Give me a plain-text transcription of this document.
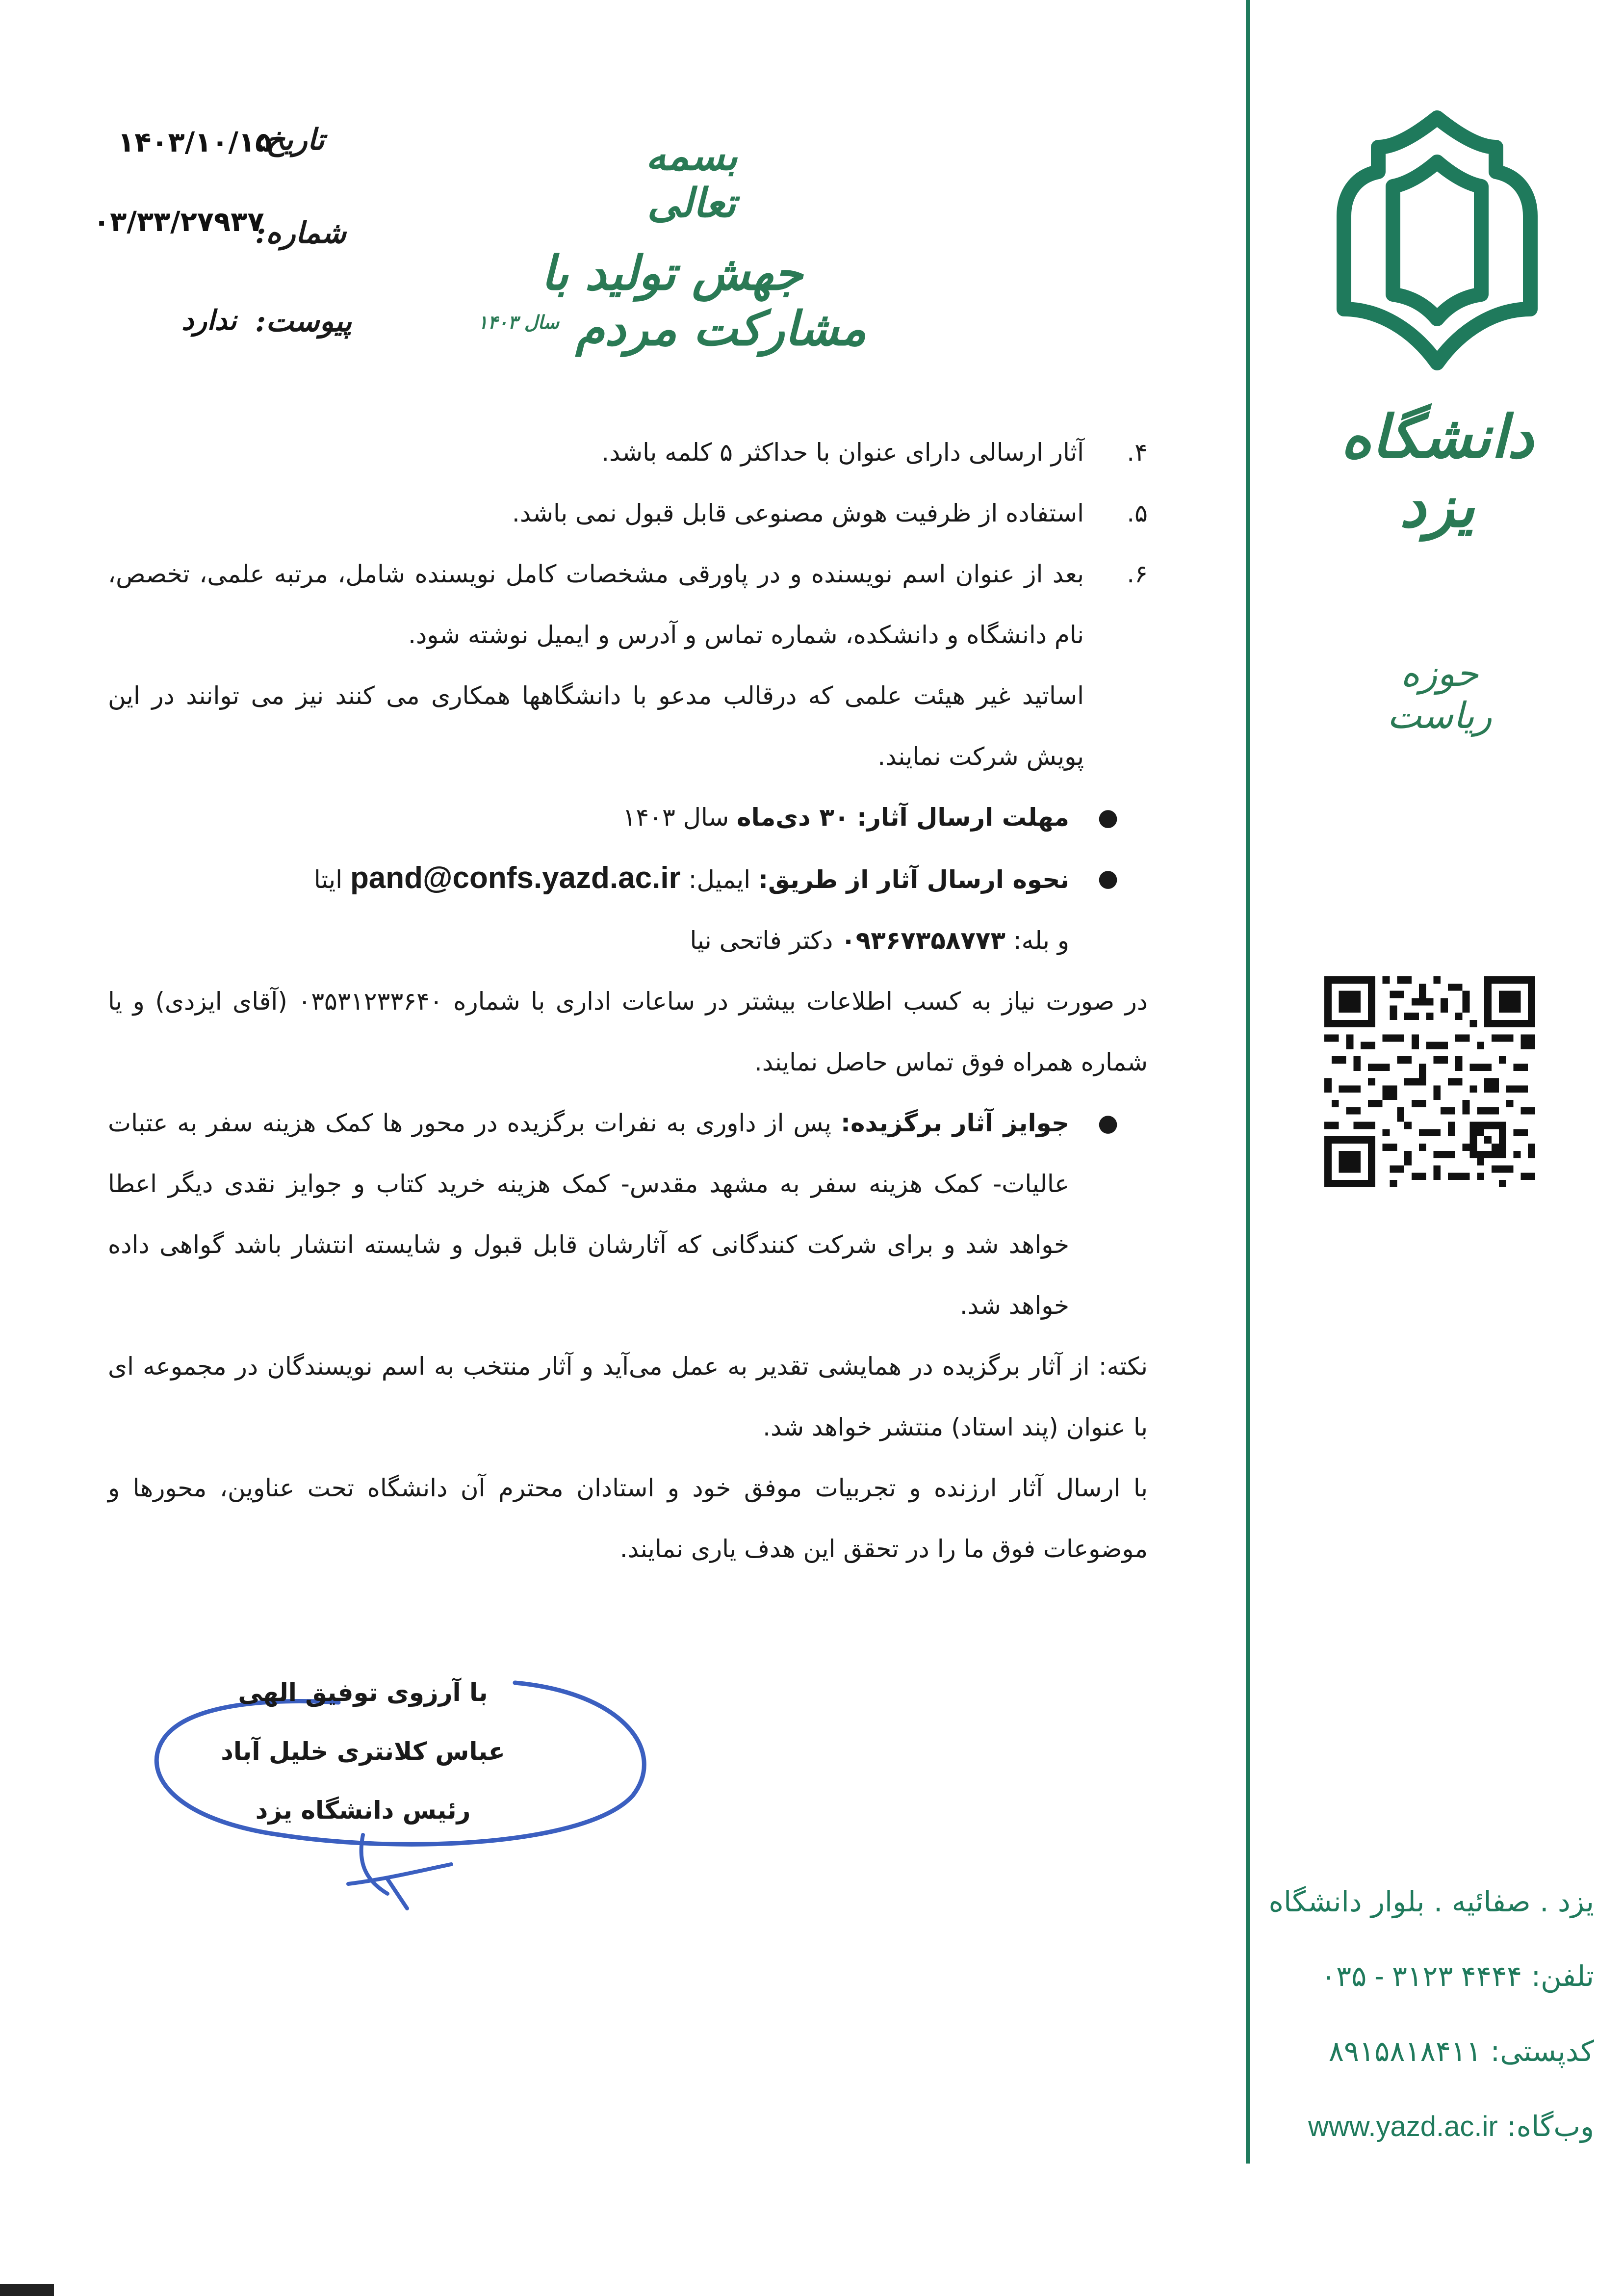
تاریخ:
۱۴۰۳/۱۰/۱۵
شماره:
۰۳/۳۳/۲۷۹۳۷
پیوست:
ندارد
بسمه تعالی
جهش تولید با مشارکت مردم $^{سال ۱۴۰۳}$

۴.
آثار ارسالی دارای عنوان با حداکثر ۵ کلمه باشد.

۵.
استفاده از ظرفیت هوش مصنوعی قابل قبول نمی باشد.

۶.
بعد از عنوان اسم نویسنده و در پاورقی مشخصات کامل نویسنده شامل، مرتبه علمی، تخصص، نام دانشگاه و دانشکده، شماره تماس و آدرس و ایمیل نوشته شود.

اساتید غیر هیئت علمی که درقالب مدعو با دانشگاهها همکاری می کنند نیز می توانند در این پویش شرکت نمایند.

●
مهلت ارسال آثار: ۳۰ دی‌ماه سال ۱۴۰۳

●
نحوه ارسال آثار از طریق: ایمیل: pand@confs.yazd.ac.ir ایتا
و بله: ۰۹۳۶۷۳۵۸۷۷۳ دکتر فاتحی نیا

در صورت نیاز به کسب اطلاعات بیشتر در ساعات اداری با شماره ۰۳۵۳۱۲۳۳۶۴۰ (آقای ایزدی) و یا شماره همراه فوق تماس حاصل نمایند.

●
جوایز آثار برگزیده: پس از داوری به نفرات برگزیده در محور ها کمک هزینه سفر به عتبات عالیات- کمک هزینه سفر به مشهد مقدس- کمک هزینه خرید کتاب و جوایز نقدی دیگر اعطا خواهد شد و برای شرکت کنندگانی که آثارشان قابل قبول و شایسته انتشار باشد گواهی داده خواهد شد.

نکته: از آثار برگزیده در همایشی تقدیر به عمل می‌آید و آثار منتخب به اسم نویسندگان در مجموعه ای با عنوان (پند استاد) منتشر خواهد شد.

با ارسال آثار ارزنده و تجربیات موفق خود و استادان محترم آن دانشگاه تحت عناوین، محورها و موضوعات فوق ما را در تحقق این هدف یاری نمایند.

با آرزوی توفیق الهی
عباس کلانتری خلیل آباد
رئیس دانشگاه یزد
دانشگاه یزد
حوزه ریاست
یزد . صفائیه . بلوار دانشگاه
تلفن: ۰۳۵ - ۳۱۲۳ ۴۴۴۴
کدپستی: ۸۹۱۵۸۱۸۴۱۱
وب‌گاه: www.yazd.ac.ir
